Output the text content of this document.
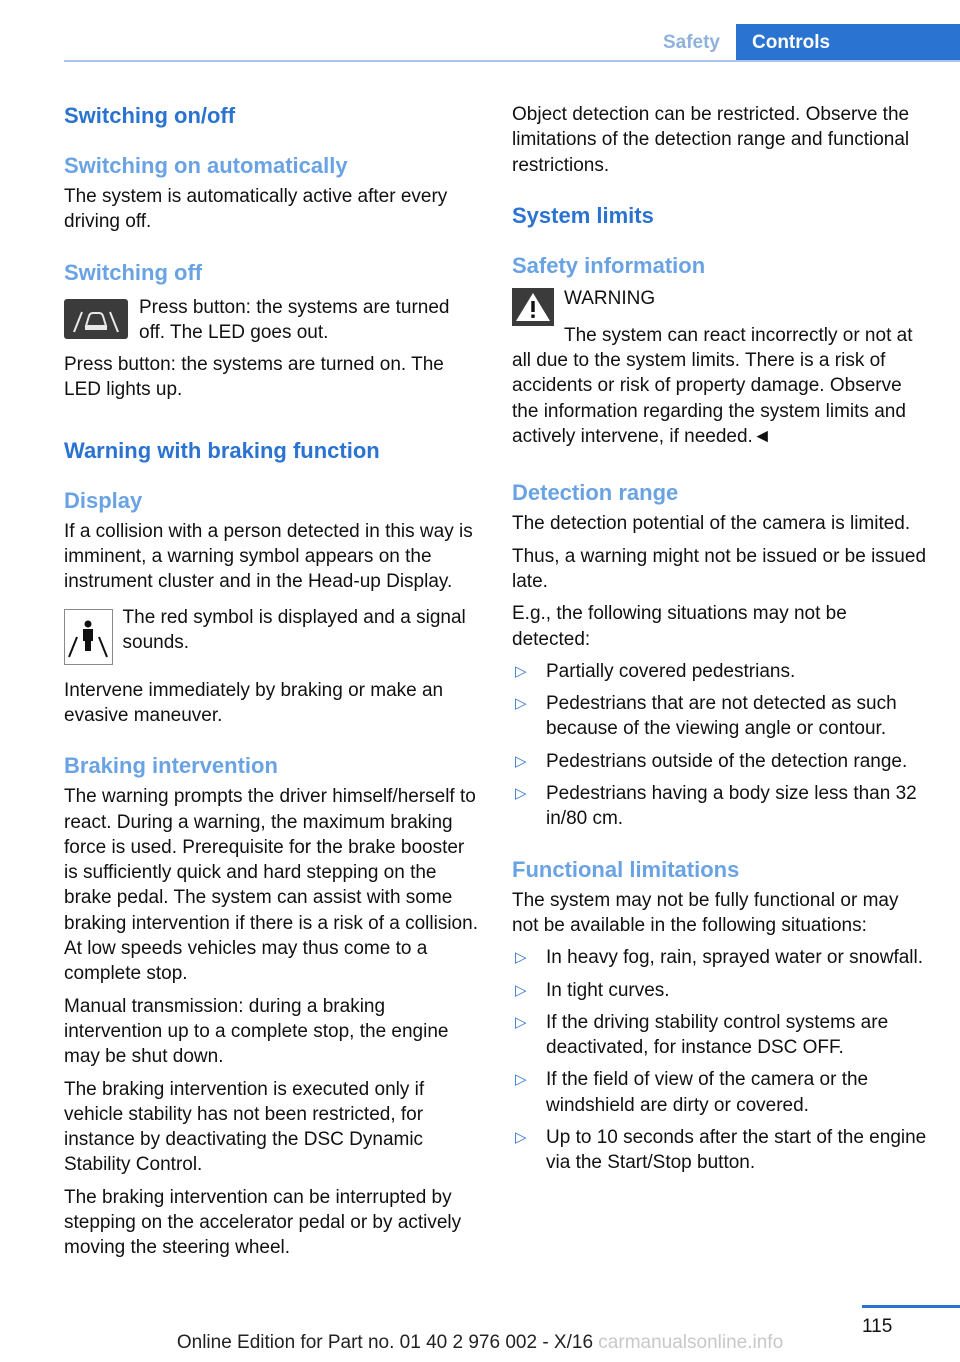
Safety	Controls
Switching on/off
Switching on automatically

The system is automatically active after every driving off.

Switching off

Press button: the systems are turned off. The LED goes out.

Press button: the systems are turned on. The LED lights up.

Warning with braking function
Display

If a collision with a person detected in this way is imminent, a warning symbol appears on the instrument cluster and in the Head-up Display.

The red symbol is displayed and a signal sounds.

Intervene immediately by braking or make an evasive maneuver.

Braking intervention

The warning prompts the driver himself/herself to react. During a warning, the maximum braking force is used. Prerequisite for the brake booster is sufficiently quick and hard stepping on the brake pedal. The system can assist with some braking intervention if there is a risk of a collision. At low speeds vehicles may thus come to a complete stop.

Manual transmission: during a braking intervention up to a complete stop, the engine may be shut down.

The braking intervention is executed only if vehicle stability has not been restricted, for instance by deactivating the DSC Dynamic Stability Control.

The braking intervention can be interrupted by stepping on the accelerator pedal or by actively moving the steering wheel.

Object detection can be restricted. Observe the limitations of the detection range and functional restrictions.

System limits
Safety information

WARNING

The system can react incorrectly or not at all due to the system limits. There is a risk of accidents or risk of property damage. Observe the information regarding the system limits and actively intervene, if needed.◄

Detection range

The detection potential of the camera is limited.

Thus, a warning might not be issued or be issued late.

E.g., the following situations may not be detected:

▷ Partially covered pedestrians.
▷ Pedestrians that are not detected as such because of the viewing angle or contour.
▷ Pedestrians outside of the detection range.
▷ Pedestrians having a body size less than 32 in/80 cm.
Functional limitations

The system may not be fully functional or may not be available in the following situations:

▷ In heavy fog, rain, sprayed water or snowfall.
▷ In tight curves.
▷ If the driving stability control systems are deactivated, for instance DSC OFF.
▷ If the field of view of the camera or the windshield are dirty or covered.
▷ Up to 10 seconds after the start of the engine via the Start/Stop button.
115
Online Edition for Part no. 01 40 2 976 002 - X/16 carmanualsonline.info
